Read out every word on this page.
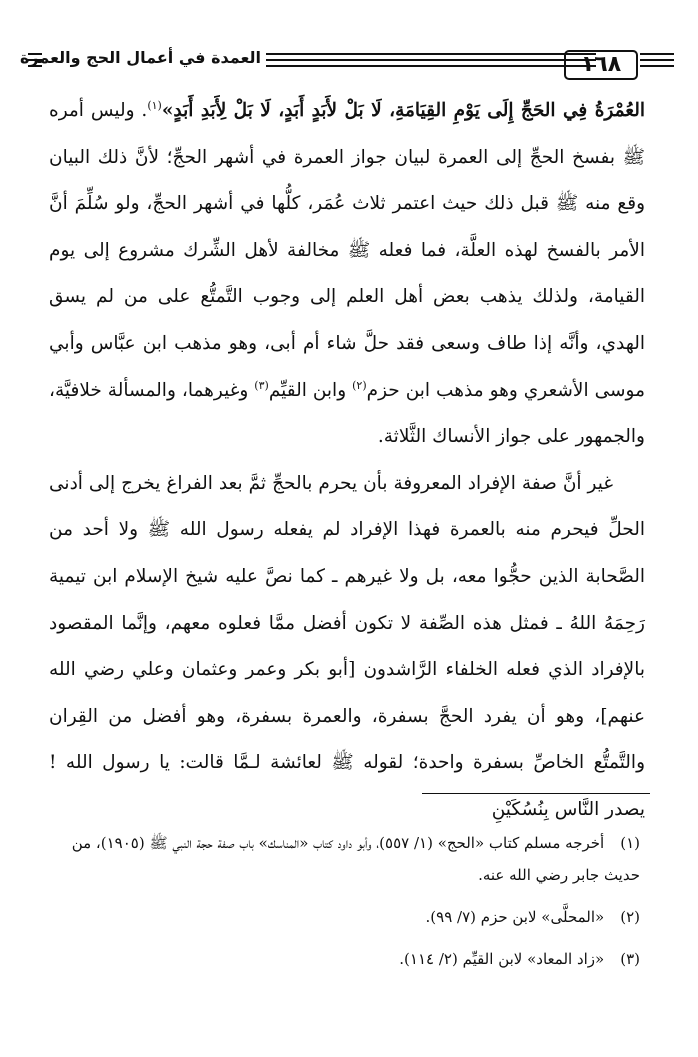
العمدة في أعمال الحج والعمرة	١٦٨

العُمْرَةُ فِي الحَجِّ إِلَى يَوْمِ القِيَامَةِ، لَا بَلْ لأَبَدٍ أَبَدٍ، لَا بَلْ لِأَبَدِ أَبَدٍ»$^{(١)}$. وليس أمره ﷺ بفسخ الحجِّ إلى العمرة لبيان جواز العمرة في أشهر الحجِّ؛ لأنَّ ذلك البيان وقع منه ﷺ قبل ذلك حيث اعتمر ثلاث عُمَر، كلُّها في أشهر الحجِّ، ولو سُلِّمَ أنَّ الأمر بالفسخ لهذه العلَّة، فما فعله ﷺ مخالفة لأهل الشِّرك مشروع إلى يوم القيامة، ولذلك يذهب بعض أهل العلم إلى وجوب التَّمتُّع على من لم يسق الهدي، وأنَّه إذا طاف وسعى فقد حلَّ شاء أم أبى، وهو مذهب ابن عبَّاس وأبي موسى الأشعري وهو مذهب ابن حزم$^{(٢)}$ وابن القيِّم$^{(٣)}$ وغيرهما، والمسألة خلافيَّة، والجمهور على جواز الأنساك الثَّلاثة.

غير أنَّ صفة الإفراد المعروفة بأن يحرم بالحجِّ ثمَّ بعد الفراغ يخرج إلى أدنى الحلِّ فيحرم منه بالعمرة فهذا الإفراد لم يفعله رسول الله ﷺ ولا أحد من الصَّحابة الذين حجُّوا معه، بل ولا غيرهم ـ كما نصَّ عليه شيخ الإسلام ابن تيمية رَحِمَهُ اللهُ ـ فمثل هذه الصِّفة لا تكون أفضل ممَّا فعلوه معهم، وإنَّما المقصود بالإفراد الذي فعله الخلفاء الرَّاشدون [أبو بكر وعمر وعثمان وعلي رضي الله عنهم]، وهو أن يفرد الحجَّ بسفرة، والعمرة بسفرة، وهو أفضل من القِران والتَّمتُّع الخاصِّ بسفرة واحدة؛ لقوله ﷺ لعائشة لـمَّا قالت: يا رسول الله ! يصدر النَّاس بِنُسُكَيْنِ

(١)أخرجه مسلم كتاب «الحج» (١/ ٥٥٧)، وأبو داود كتاب «المناسك» باب صفة حجة النبي ﷺ (١٩٠٥)، من حديث جابر رضي الله عنه.

(٢)«المحلَّى» لابن حزم (٧/ ٩٩).

(٣)«زاد المعاد» لابن القيِّم (٢/ ١١٤).
